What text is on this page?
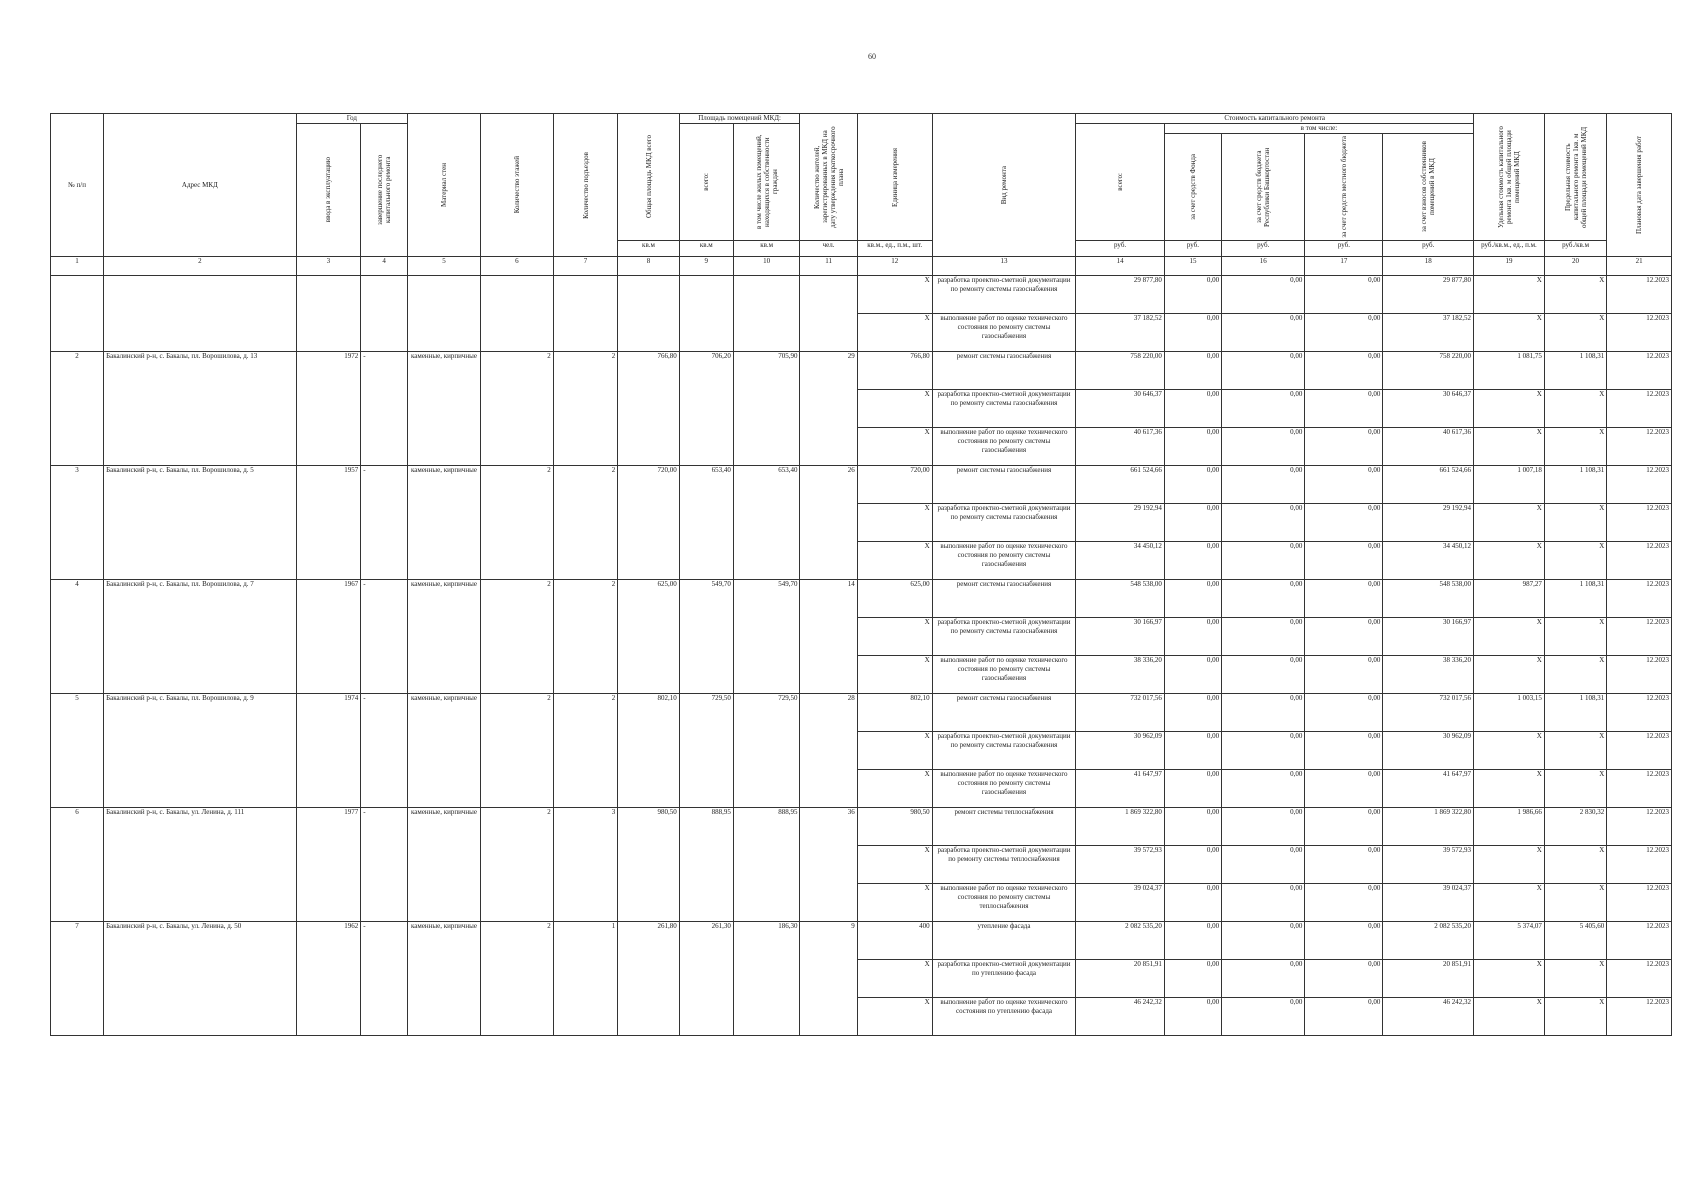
60
№ п/п	Адрес МКД	Год		Материал стен	Количество этажей	Количество подъездов	Общая площадь МКД всего	Площадь помещений МКД:		Количество жителей, зарегистрированных в МКД на дату утверждения краткосрочного плана	Единица измерения	Вид ремонта	Стоимость капитального ремонта					Удельная стоимость капитального ремонта 1кв. м общей площади помещений МКД	Предельная стоимость капитального ремонта 1кв. м общей площади помещений МКД	Плановая дата завершения работ

		ввода в эксплуатацию	завершение последнего капитального ремонта					всего:	в том числе жилых помещений, находящихся в собственности граждан				всего:	в том числе:						

														за счет средств Фонда	за счет средств бюджета Республики Башкортостан	за счет средств местного бюджета	за счет взносов собственников помещений в МКД			

							кв.м	кв.м	кв.м	чел.	кв.м., ед., п.м., шт.		руб.	руб.	руб.	руб.	руб.	руб./кв.м., ед., п.м.	руб./кв.м	
1	2	3	4	5	6	7	8	9	10	11	12	13	14	15	16	17	18	19	20	21
											X	разработка проектно-сметной документации по ремонту системы газоснабжения	29 877,80	0,00	0,00	0,00	29 877,80	X	X	12.2023
											X	выполнение работ по оценке технического состояния по ремонту системы газоснабжения	37 182,52	0,00	0,00	0,00	37 182,52	X	X	12.2023
2	Бакалинский р-н, с. Бакалы, пл. Ворошилова, д. 13	1972	-	каменные, кирпичные	2	2	766,80	706,20	705,90	29	766,80	ремонт системы газоснабжения	758 220,00	0,00	0,00	0,00	758 220,00	1 081,75	1 108,31	12.2023
											X	разработка проектно-сметной документации по ремонту системы газоснабжения	30 646,37	0,00	0,00	0,00	30 646,37	X	X	12.2023
											X	выполнение работ по оценке технического состояния по ремонту системы газоснабжения	40 617,36	0,00	0,00	0,00	40 617,36	X	X	12.2023
3	Бакалинский р-н, с. Бакалы, пл. Ворошилова, д. 5	1957	-	каменные, кирпичные	2	2	720,00	653,40	653,40	26	720,00	ремонт системы газоснабжения	661 524,66	0,00	0,00	0,00	661 524,66	1 007,18	1 108,31	12.2023
											X	разработка проектно-сметной документации по ремонту системы газоснабжения	29 192,94	0,00	0,00	0,00	29 192,94	X	X	12.2023
											X	выполнение работ по оценке технического состояния по ремонту системы газоснабжения	34 450,12	0,00	0,00	0,00	34 450,12	X	X	12.2023
4	Бакалинский р-н, с. Бакалы, пл. Ворошилова, д. 7	1967	-	каменные, кирпичные	2	2	625,00	549,70	549,70	14	625,00	ремонт системы газоснабжения	548 538,00	0,00	0,00	0,00	548 538,00	987,27	1 108,31	12.2023
											X	разработка проектно-сметной документации по ремонту системы газоснабжения	30 166,97	0,00	0,00	0,00	30 166,97	X	X	12.2023
											X	выполнение работ по оценке технического состояния по ремонту системы газоснабжения	38 336,20	0,00	0,00	0,00	38 336,20	X	X	12.2023
5	Бакалинский р-н, с. Бакалы, пл. Ворошилова, д. 9	1974	-	каменные, кирпичные	2	2	802,10	729,50	729,50	28	802,10	ремонт системы газоснабжения	732 017,56	0,00	0,00	0,00	732 017,56	1 003,15	1 108,31	12.2023
											X	разработка проектно-сметной документации по ремонту системы газоснабжения	30 962,09	0,00	0,00	0,00	30 962,09	X	X	12.2023
											X	выполнение работ по оценке технического состояния по ремонту системы газоснабжения	41 647,97	0,00	0,00	0,00	41 647,97	X	X	12.2023
6	Бакалинский р-н, с. Бакалы, ул. Ленина, д. 111	1977	-	каменные, кирпичные	2	3	980,50	888,95	888,95	36	980,50	ремонт системы теплоснабжения	1 869 322,80	0,00	0,00	0,00	1 869 322,80	1 986,66	2 830,32	12.2023
											X	разработка проектно-сметной документации по ремонту системы теплоснабжения	39 572,93	0,00	0,00	0,00	39 572,93	X	X	12.2023
											X	выполнение работ по оценке технического состояния по ремонту системы теплоснабжения	39 024,37	0,00	0,00	0,00	39 024,37	X	X	12.2023
7	Бакалинский р-н, с. Бакалы, ул. Ленина, д. 50	1962	-	каменные, кирпичные	2	1	261,80	261,30	186,30	9	400	утепление фасада	2 082 535,20	0,00	0,00	0,00	2 082 535,20	5 374,07	5 405,60	12.2023
											X	разработка проектно-сметной документации по утеплению фасада	20 851,91	0,00	0,00	0,00	20 851,91	X	X	12.2023
											X	выполнение работ по оценке технического состояния по утеплению фасада	46 242,32	0,00	0,00	0,00	46 242,32	X	X	12.2023
